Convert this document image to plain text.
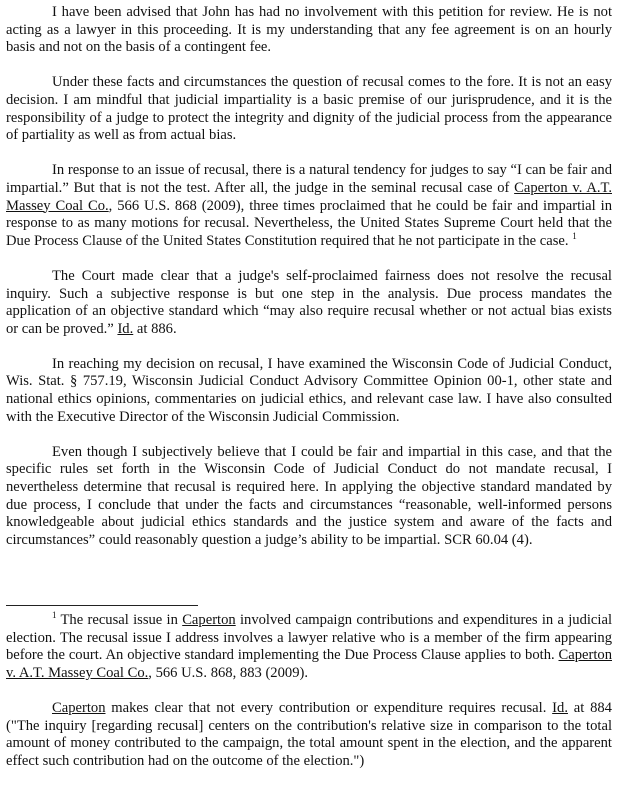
I have been advised that John has had no involvement with this petition for review. He is not acting as a lawyer in this proceeding. It is my understanding that any fee agreement is on an hourly basis and not on the basis of a contingent fee.

Under these facts and circumstances the question of recusal comes to the fore. It is not an easy decision. I am mindful that judicial impartiality is a basic premise of our jurisprudence, and it is the responsibility of a judge to protect the integrity and dignity of the judicial process from the appearance of partiality as well as from actual bias.

In response to an issue of recusal, there is a natural tendency for judges to say “I can be fair and impartial.” But that is not the test. After all, the judge in the seminal recusal case of Caperton v. A.T. Massey Coal Co., 566 U.S. 868 (2009), three times proclaimed that he could be fair and impartial in response to as many motions for recusal. Nevertheless, the United States Supreme Court held that the Due Process Clause of the United States Constitution required that he not participate in the case. $^1$

The Court made clear that a judge's self-proclaimed fairness does not resolve the recusal inquiry. Such a subjective response is but one step in the analysis. Due process mandates the application of an objective standard which “may also require recusal whether or not actual bias exists or can be proved.” Id. at 886.

In reaching my decision on recusal, I have examined the Wisconsin Code of Judicial Conduct, Wis. Stat. § 757.19, Wisconsin Judicial Conduct Advisory Committee Opinion 00-1, other state and national ethics opinions, commentaries on judicial ethics, and relevant case law. I have also consulted with the Executive Director of the Wisconsin Judicial Commission.

Even though I subjectively believe that I could be fair and impartial in this case, and that the specific rules set forth in the Wisconsin Code of Judicial Conduct do not mandate recusal, I nevertheless determine that recusal is required here. In applying the objective standard mandated by due process, I conclude that under the facts and circumstances “reasonable, well-informed persons knowledgeable about judicial ethics standards and the justice system and aware of the facts and circumstances” could reasonably question a judge’s ability to be impartial. SCR 60.04 (4).

$^1$ The recusal issue in Caperton involved campaign contributions and expenditures in a judicial election. The recusal issue I address involves a lawyer relative who is a member of the firm appearing before the court. An objective standard implementing the Due Process Clause applies to both. Caperton v. A.T. Massey Coal Co., 566 U.S. 868, 883 (2009).

Caperton makes clear that not every contribution or expenditure requires recusal. Id. at 884 ("The inquiry [regarding recusal] centers on the contribution's relative size in comparison to the total amount of money contributed to the campaign, the total amount spent in the election, and the apparent effect such contribution had on the outcome of the election.")
